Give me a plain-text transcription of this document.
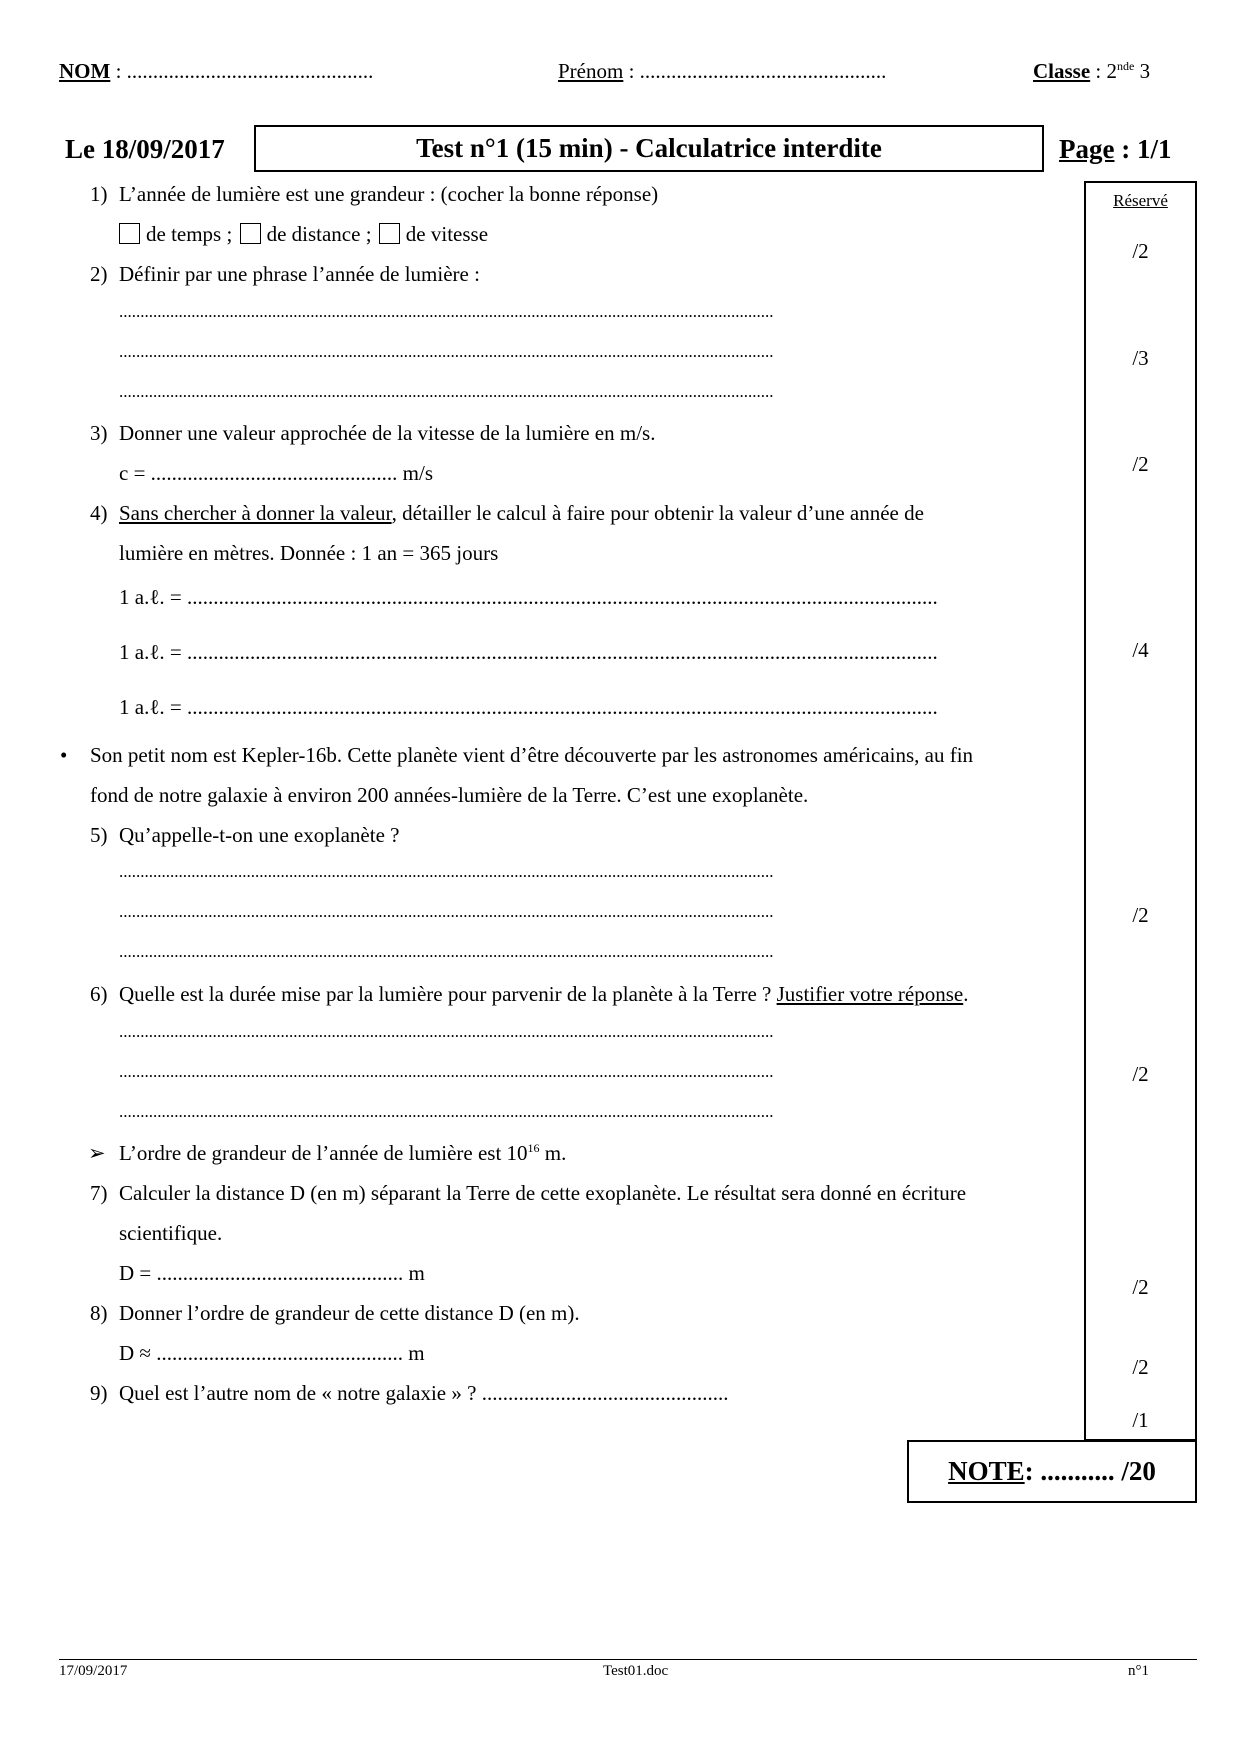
NOM : ...............................................	Prénom : ...............................................	Classe : 2nde 3
Le 18/09/2017	Test n°1 (15 min) - Calculatrice interdite	Page : 1/1
Réservé
/2
/3
/2
/4
/2
/2
/2
/2
/1
1) L’année de lumière est une grandeur : (cocher la bonne réponse)
de temps ; de distance ; de vitesse
2) Définir par une phrase l’année de lumière :
..........................................................................................................................................................
..........................................................................................................................................................
..........................................................................................................................................................
3) Donner une valeur approchée de la vitesse de la lumière en m/s.
c = ............................................... m/s
4) Sans chercher à donner la valeur, détailler le calcul à faire pour obtenir la valeur d’une année de
lumière en mètres. Donnée : 1 an = 365 jours
1 a.ℓ. = ...............................................................................................................................................
1 a.ℓ. = ...............................................................................................................................................
1 a.ℓ. = ...............................................................................................................................................
• Son petit nom est Kepler-16b. Cette planète vient d’être découverte par les astronomes américains, au fin
fond de notre galaxie à environ 200 années-lumière de la Terre. C’est une exoplanète.
5) Qu’appelle-t-on une exoplanète ?
..........................................................................................................................................................
..........................................................................................................................................................
..........................................................................................................................................................
6) Quelle est la durée mise par la lumière pour parvenir de la planète à la Terre ? Justifier votre réponse.
..........................................................................................................................................................
..........................................................................................................................................................
..........................................................................................................................................................
➢ L’ordre de grandeur de l’année de lumière est $10^{16}$ m.
7) Calculer la distance D (en m) séparant la Terre de cette exoplanète. Le résultat sera donné en écriture
scientifique.
D = ............................................... m
8) Donner l’ordre de grandeur de cette distance D (en m).
D ≈ ............................................... m
9) Quel est l’autre nom de « notre galaxie » ? ...............................................
NOTE : ........... /20
17/09/2017	Test01.doc	n°1
